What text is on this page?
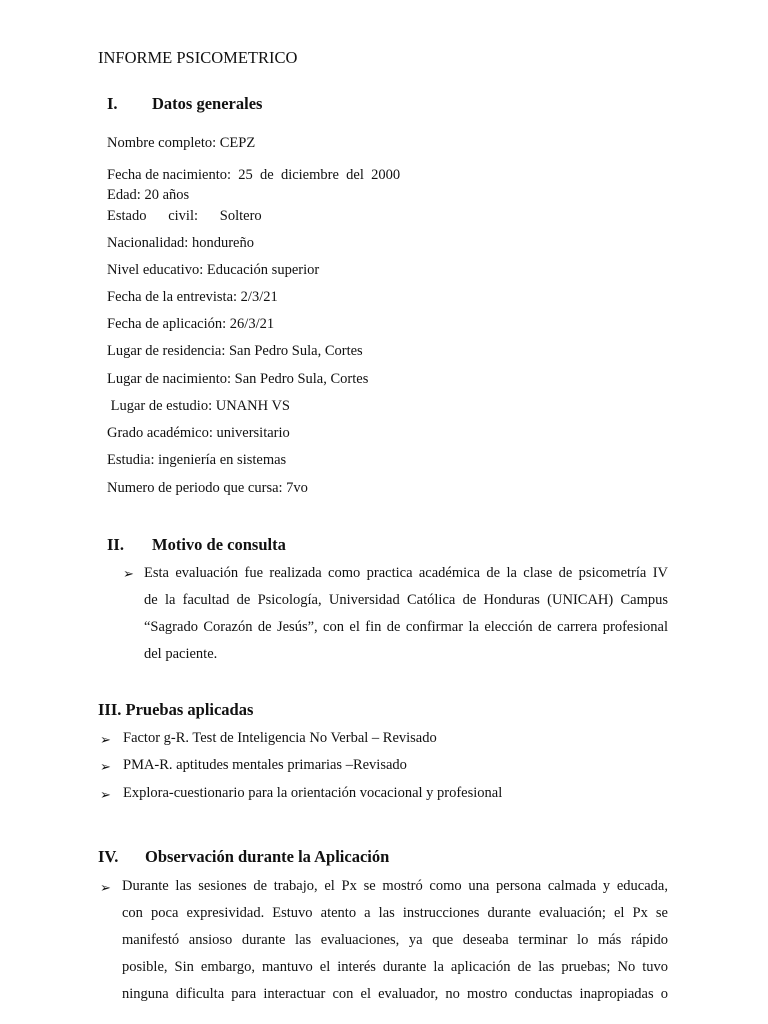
INFORME PSICOMETRICO
I. Datos generales
Nombre completo: CEPZ
Fecha de nacimiento:  25  de  diciembre  del  2000
Edad: 20 años
Estado      civil:      Soltero
Nacionalidad: hondureño
Nivel educativo: Educación superior
Fecha de la entrevista: 2/3/21
Fecha de aplicación: 26/3/21
Lugar de residencia: San Pedro Sula, Cortes
Lugar de nacimiento: San Pedro Sula, Cortes
Lugar de estudio: UNANH VS
Grado académico: universitario
Estudia: ingeniería en sistemas
Numero de periodo que cursa: 7vo
II. Motivo de consulta
➢ Esta evaluación fue realizada como practica académica de la clase de psicometría IV
de la facultad de Psicología, Universidad Católica de Honduras (UNICAH) Campus
“Sagrado Corazón de Jesús”, con el fin de confirmar la elección de carrera profesional
del paciente.
III. Pruebas aplicadas
➢ Factor g-R. Test de Inteligencia No Verbal – Revisado
➢ PMA-R. aptitudes mentales primarias –Revisado
➢ Explora-cuestionario para la orientación vocacional y profesional
IV. Observación durante la Aplicación
➢ Durante las sesiones de trabajo, el Px se mostró como una persona calmada y educada,
con poca expresividad. Estuvo atento a las instrucciones durante evaluación; el Px se
manifestó ansioso durante las evaluaciones, ya que deseaba terminar lo más rápido
posible, Sin embargo, mantuvo el interés durante la aplicación de las pruebas; No tuvo
ninguna dificulta para interactuar con el evaluador, no mostro conductas inapropiadas o
